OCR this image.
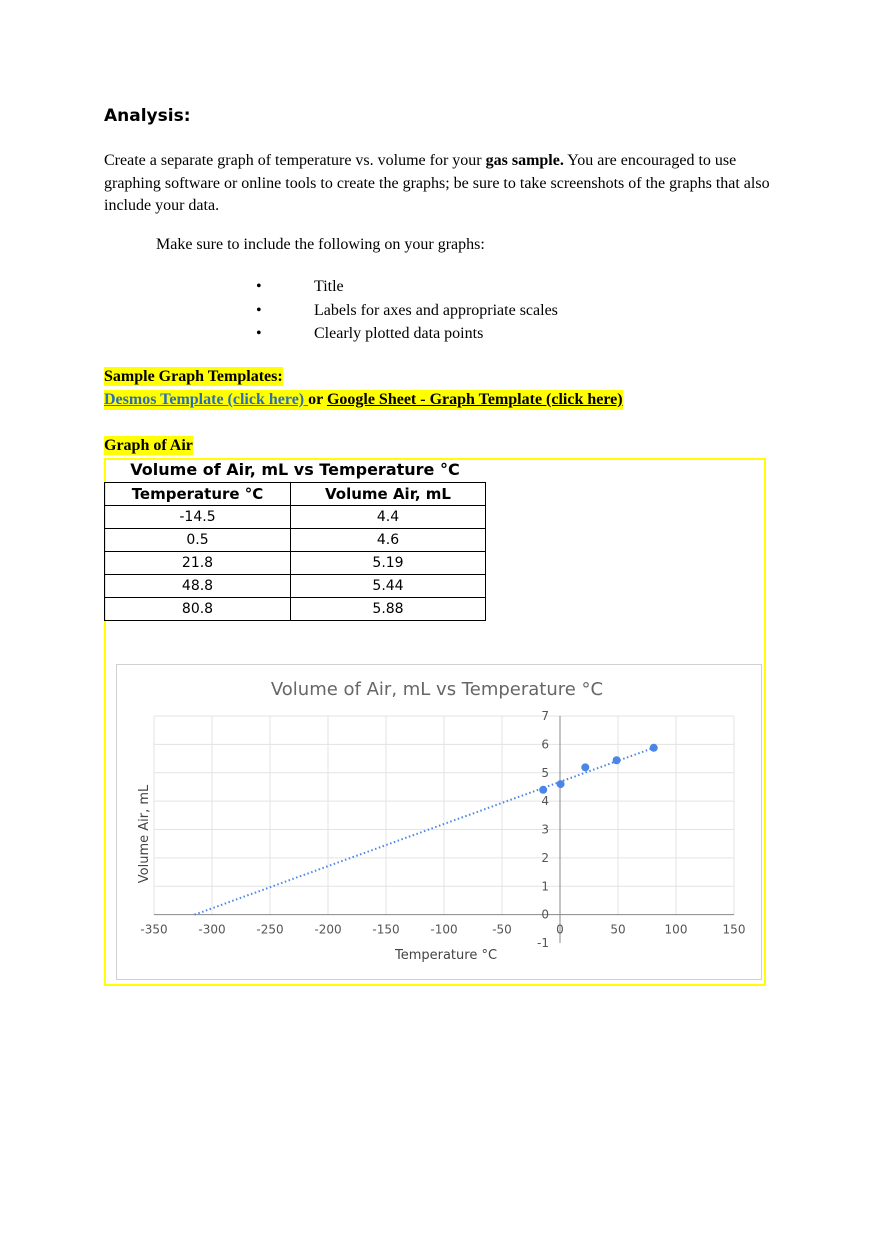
Analysis:
Create a separate graph of temperature vs. volume for your gas sample. You are encouraged to use graphing software or online tools to create the graphs; be sure to take screenshots of the graphs that also include your data.
Make sure to include the following on your graphs:
•	Title
•	Labels for axes and appropriate scales
•	Clearly plotted data points
Sample Graph Templates:
Desmos Template (click here) or Google Sheet - Graph Template (click here)
Graph of Air
Volume of Air, mL vs Temperature °C
Temperature °C	Volume Air, mL
-14.5	4.4
0.5	4.6
21.8	5.19
48.8	5.44
80.8	5.88
Volume of Air, mL vs Temperature °C
-350	-300	-250	-200	-150	-100	-50	0	50	100	150
-1
0
1
2
3
4
5
6
7
Temperature °C
Volume Air, mL
